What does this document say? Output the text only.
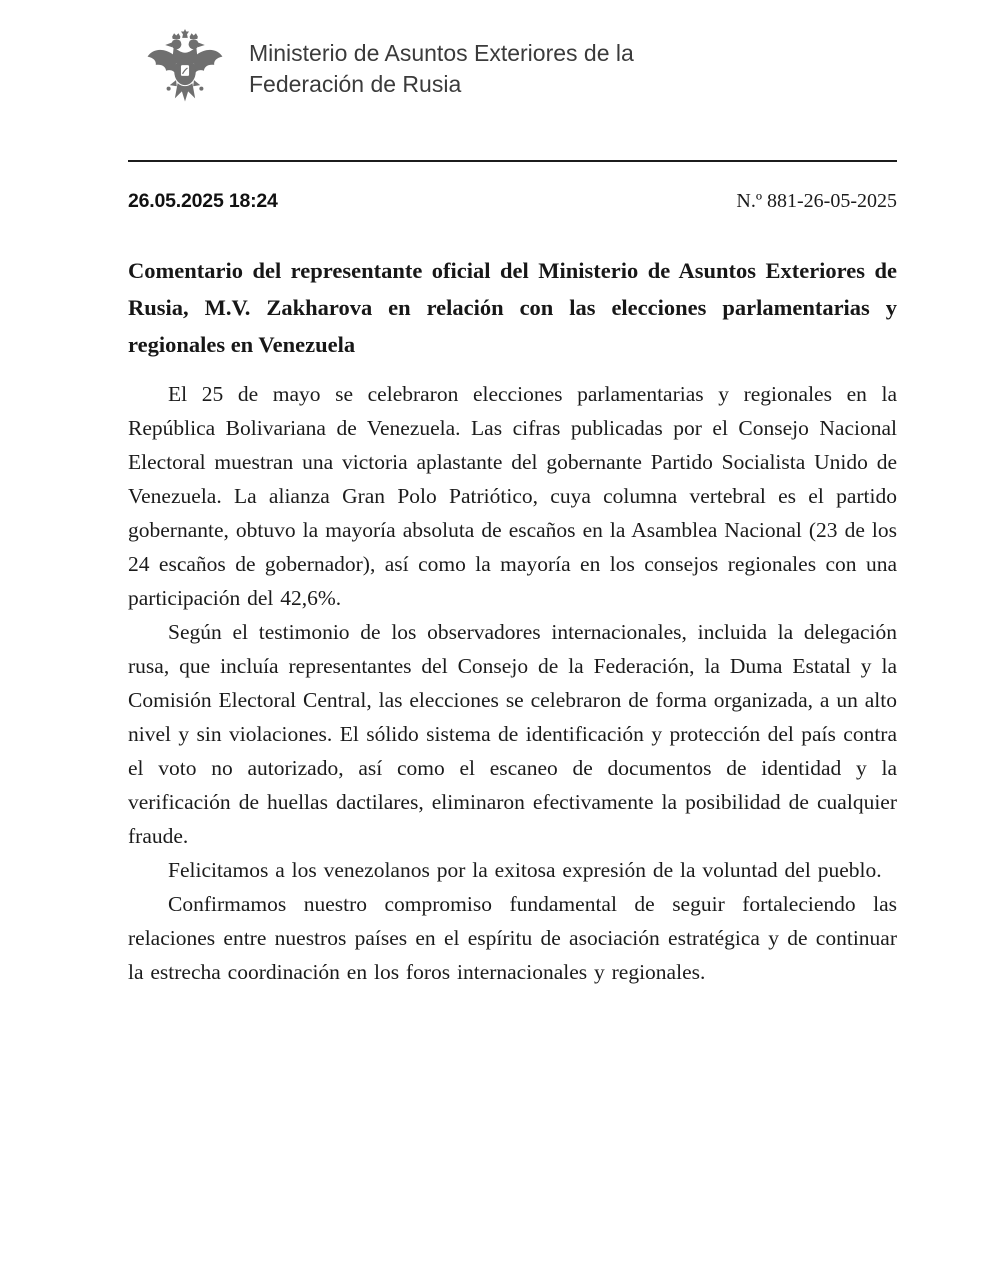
Ministerio de Asuntos Exteriores de la
Federación de Rusia
26.05.2025 18:24	N.º 881-26-05-2025
Comentario del representante oficial del Ministerio de Asuntos Exteriores de Rusia, M.V. Zakharova en relación con las elecciones parlamentarias y regionales en Venezuela

El 25 de mayo se celebraron elecciones parlamentarias y regionales en la República Bolivariana de Venezuela. Las cifras publicadas por el Consejo Nacional Electoral muestran una victoria aplastante del gobernante Partido Socialista Unido de Venezuela. La alianza Gran Polo Patriótico, cuya columna vertebral es el partido gobernante, obtuvo la mayoría absoluta de escaños en la Asamblea Nacional (23 de los 24 escaños de gobernador), así como la mayoría en los consejos regionales con una participación del 42,6%.

Según el testimonio de los observadores internacionales, incluida la delegación rusa, que incluía representantes del Consejo de la Federación, la Duma Estatal y la Comisión Electoral Central, las elecciones se celebraron de forma organizada, a un alto nivel y sin violaciones. El sólido sistema de identificación y protección del país contra el voto no autorizado, así como el escaneo de documentos de identidad y la verificación de huellas dactilares, eliminaron efectivamente la posibilidad de cualquier fraude.

Felicitamos a los venezolanos por la exitosa expresión de la voluntad del pueblo.

Confirmamos nuestro compromiso fundamental de seguir fortaleciendo las relaciones entre nuestros países en el espíritu de asociación estratégica y de continuar la estrecha coordinación en los foros internacionales y regionales.
